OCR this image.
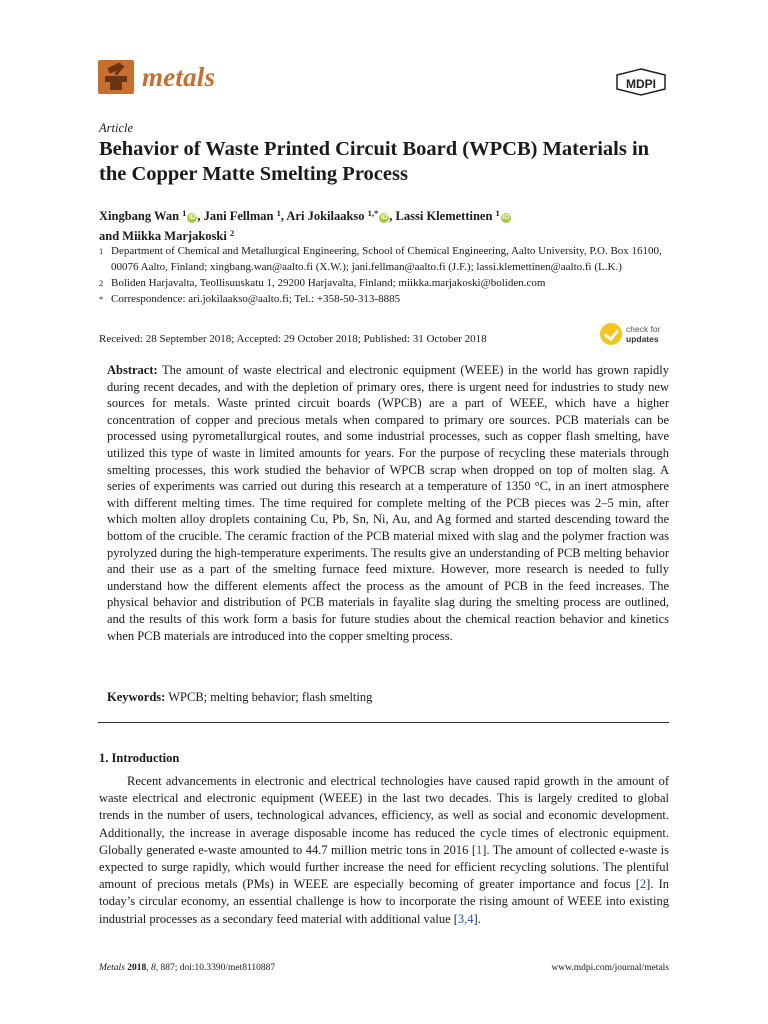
metals	MDPI
Article
Behavior of Waste Printed Circuit Board (WPCB) Materials in the Copper Matte Smelting Process
Xingbang Wan $^1$ iD , Jani Fellman $^1$, Ari Jokilaakso $^{1,*}$ iD , Lassi Klemettinen $^1$ iD
and Miikka Marjakoski $^2$
1 Department of Chemical and Metallurgical Engineering, School of Chemical Engineering, Aalto University, P.O. Box 16100, 00076 Aalto, Finland; xingbang.wan@aalto.fi (X.W.); jani.fellman@aalto.fi (J.F.); lassi.klemettinen@aalto.fi (L.K.)
2 Boliden Harjavalta, Teollisuuskatu 1, 29200 Harjavalta, Finland; miikka.marjakoski@boliden.com
* Correspondence: ari.jokilaakso@aalto.fi; Tel.: +358-50-313-8885
Received: 28 September 2018; Accepted: 29 October 2018; Published: 31 October 2018
check for
updates
Abstract: The amount of waste electrical and electronic equipment (WEEE) in the world has grown rapidly during recent decades, and with the depletion of primary ores, there is urgent need for industries to study new sources for metals. Waste printed circuit boards (WPCB) are a part of WEEE, which have a higher concentration of copper and precious metals when compared to primary ore sources. PCB materials can be processed using pyrometallurgical routes, and some industrial processes, such as copper flash smelting, have utilized this type of waste in limited amounts for years. For the purpose of recycling these materials through smelting processes, this work studied the behavior of WPCB scrap when dropped on top of molten slag. A series of experiments was carried out during this research at a temperature of 1350 °C, in an inert atmosphere with different melting times. The time required for complete melting of the PCB pieces was 2–5 min, after which molten alloy droplets containing Cu, Pb, Sn, Ni, Au, and Ag formed and started descending toward the bottom of the crucible. The ceramic fraction of the PCB material mixed with slag and the polymer fraction was pyrolyzed during the high-temperature experiments. The results give an understanding of PCB melting behavior and their use as a part of the smelting furnace feed mixture. However, more research is needed to fully understand how the different elements affect the process as the amount of PCB in the feed increases. The physical behavior and distribution of PCB materials in fayalite slag during the smelting process are outlined, and the results of this work form a basis for future studies about the chemical reaction behavior and kinetics when PCB materials are introduced into the copper smelting process.
Keywords: WPCB; melting behavior; flash smelting
1. Introduction
Recent advancements in electronic and electrical technologies have caused rapid growth in the amount of waste electrical and electronic equipment (WEEE) in the last two decades. This is largely credited to global trends in the number of users, technological advances, efficiency, as well as social and economic development. Additionally, the increase in average disposable income has reduced the cycle times of electronic equipment. Globally generated e-waste amounted to 44.7 million metric tons in 2016 [1]. The amount of collected e-waste is expected to surge rapidly, which would further increase the need for efficient recycling solutions. The plentiful amount of precious metals (PMs) in WEEE are especially becoming of greater importance and focus [2]. In today’s circular economy, an essential challenge is how to incorporate the rising amount of WEEE into existing industrial processes as a secondary feed material with additional value [3,4].
Metals 2018, 8, 887; doi:10.3390/met8110887	www.mdpi.com/journal/metals
